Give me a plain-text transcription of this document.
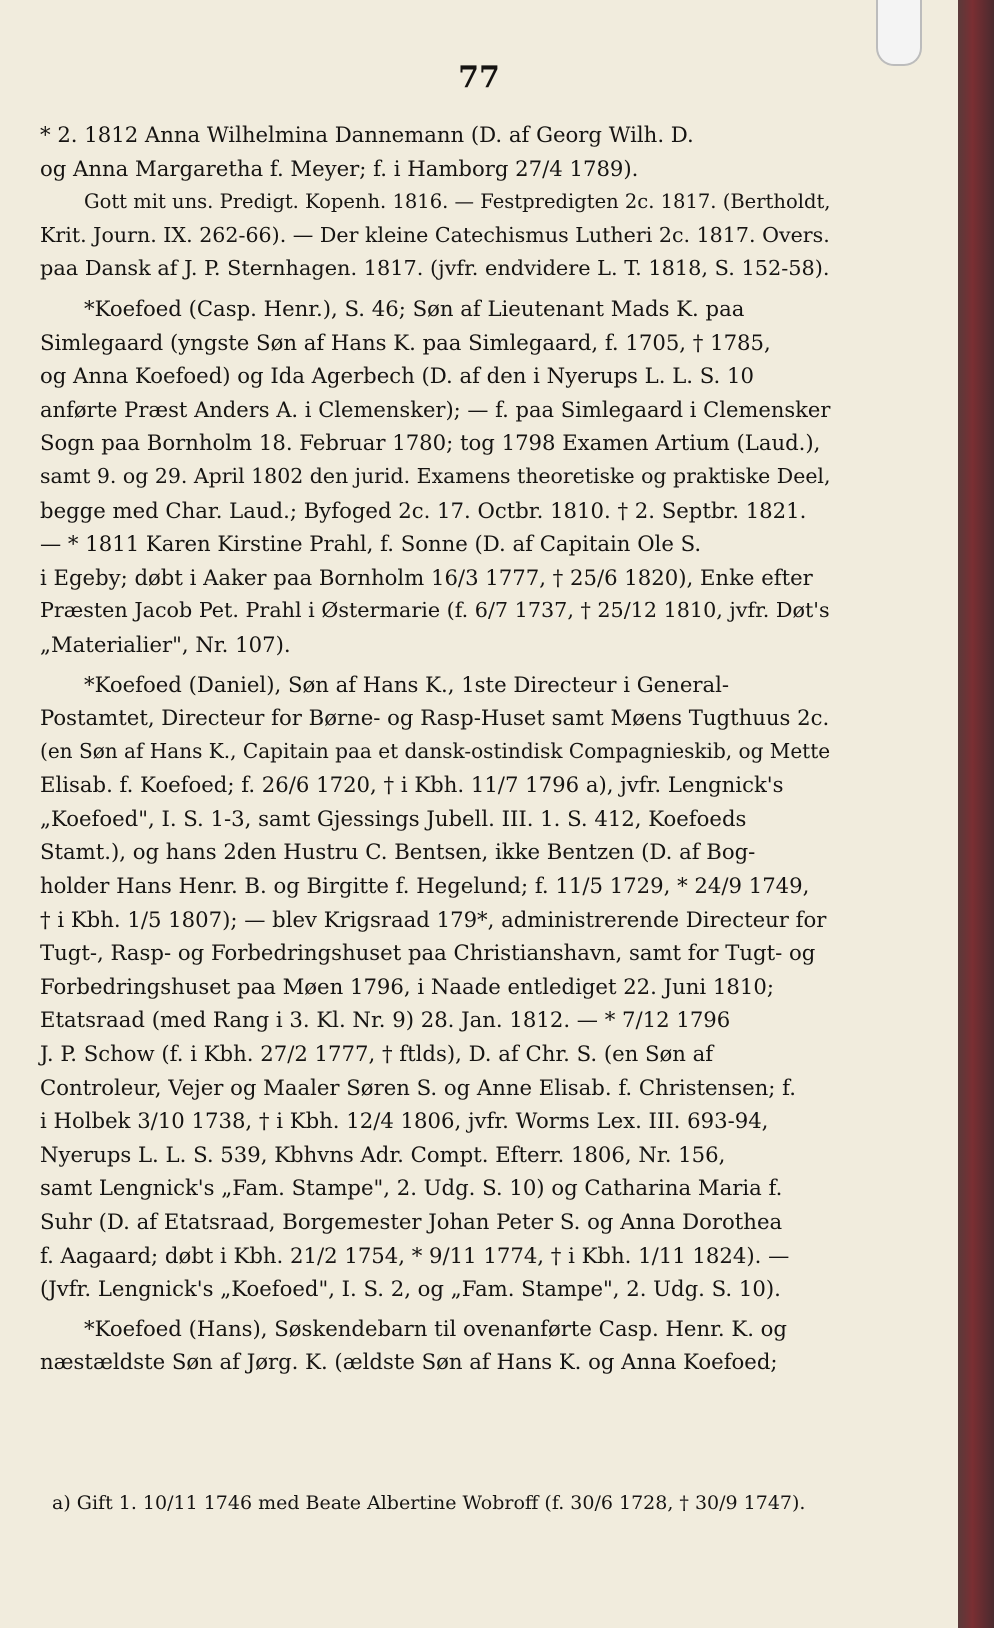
77
* 2. 1812 Anna Wilhelmina Dannemann (D. af Georg Wilh. D.
og Anna Margaretha f. Meyer; f. i Hamborg 27/4 1789).
Gott mit uns. Predigt. Kopenh. 1816. — Festpredigten 2c. 1817. (Bertholdt,
Krit. Journ. IX. 262-66). — Der kleine Catechismus Lutheri 2c. 1817. Overs.
paa Dansk af J. P. Sternhagen. 1817. (jvfr. endvidere L. T. 1818, S. 152-58).
*Koefoed (Casp. Henr.), S. 46; Søn af Lieutenant Mads K. paa
Simlegaard (yngste Søn af Hans K. paa Simlegaard, f. 1705, † 1785,
og Anna Koefoed) og Ida Agerbech (D. af den i Nyerups L. L. S. 10
anførte Præst Anders A. i Clemensker); — f. paa Simlegaard i Clemensker
Sogn paa Bornholm 18. Februar 1780; tog 1798 Examen Artium (Laud.),
samt 9. og 29. April 1802 den jurid. Examens theoretiske og praktiske Deel,
begge med Char. Laud.; Byfoged 2c. 17. Octbr. 1810. † 2. Septbr. 1821.
— * 1811 Karen Kirstine Prahl, f. Sonne (D. af Capitain Ole S.
i Egeby; døbt i Aaker paa Bornholm 16/3 1777, † 25/6 1820), Enke efter
Præsten Jacob Pet. Prahl i Østermarie (f. 6/7 1737, † 25/12 1810, jvfr. Døt's
„Materialier", Nr. 107).
*Koefoed (Daniel), Søn af Hans K., 1ste Directeur i General-
Postamtet, Directeur for Børne- og Rasp-Huset samt Møens Tugthuus 2c.
(en Søn af Hans K., Capitain paa et dansk-ostindisk Compagnieskib, og Mette
Elisab. f. Koefoed; f. 26/6 1720, † i Kbh. 11/7 1796 a), jvfr. Lengnick's
„Koefoed", I. S. 1-3, samt Gjessings Jubell. III. 1. S. 412, Koefoeds
Stamt.), og hans 2den Hustru C. Bentsen, ikke Bentzen (D. af Bog-
holder Hans Henr. B. og Birgitte f. Hegelund; f. 11/5 1729, * 24/9 1749,
† i Kbh. 1/5 1807); — blev Krigsraad 179*, administrerende Directeur for
Tugt-, Rasp- og Forbedringshuset paa Christianshavn, samt for Tugt- og
Forbedringshuset paa Møen 1796, i Naade entlediget 22. Juni 1810;
Etatsraad (med Rang i 3. Kl. Nr. 9) 28. Jan. 1812. — * 7/12 1796
J. P. Schow (f. i Kbh. 27/2 1777, † ftlds), D. af Chr. S. (en Søn af
Controleur, Vejer og Maaler Søren S. og Anne Elisab. f. Christensen; f.
i Holbek 3/10 1738, † i Kbh. 12/4 1806, jvfr. Worms Lex. III. 693-94,
Nyerups L. L. S. 539, Kbhvns Adr. Compt. Efterr. 1806, Nr. 156,
samt Lengnick's „Fam. Stampe", 2. Udg. S. 10) og Catharina Maria f.
Suhr (D. af Etatsraad, Borgemester Johan Peter S. og Anna Dorothea
f. Aagaard; døbt i Kbh. 21/2 1754, * 9/11 1774, † i Kbh. 1/11 1824). —
(Jvfr. Lengnick's „Koefoed", I. S. 2, og „Fam. Stampe", 2. Udg. S. 10).
*Koefoed (Hans), Søskendebarn til ovenanførte Casp. Henr. K. og
næstældste Søn af Jørg. K. (ældste Søn af Hans K. og Anna Koefoed;
a) Gift 1. 10/11 1746 med Beate Albertine Wobroff (f. 30/6 1728, † 30/9 1747).
